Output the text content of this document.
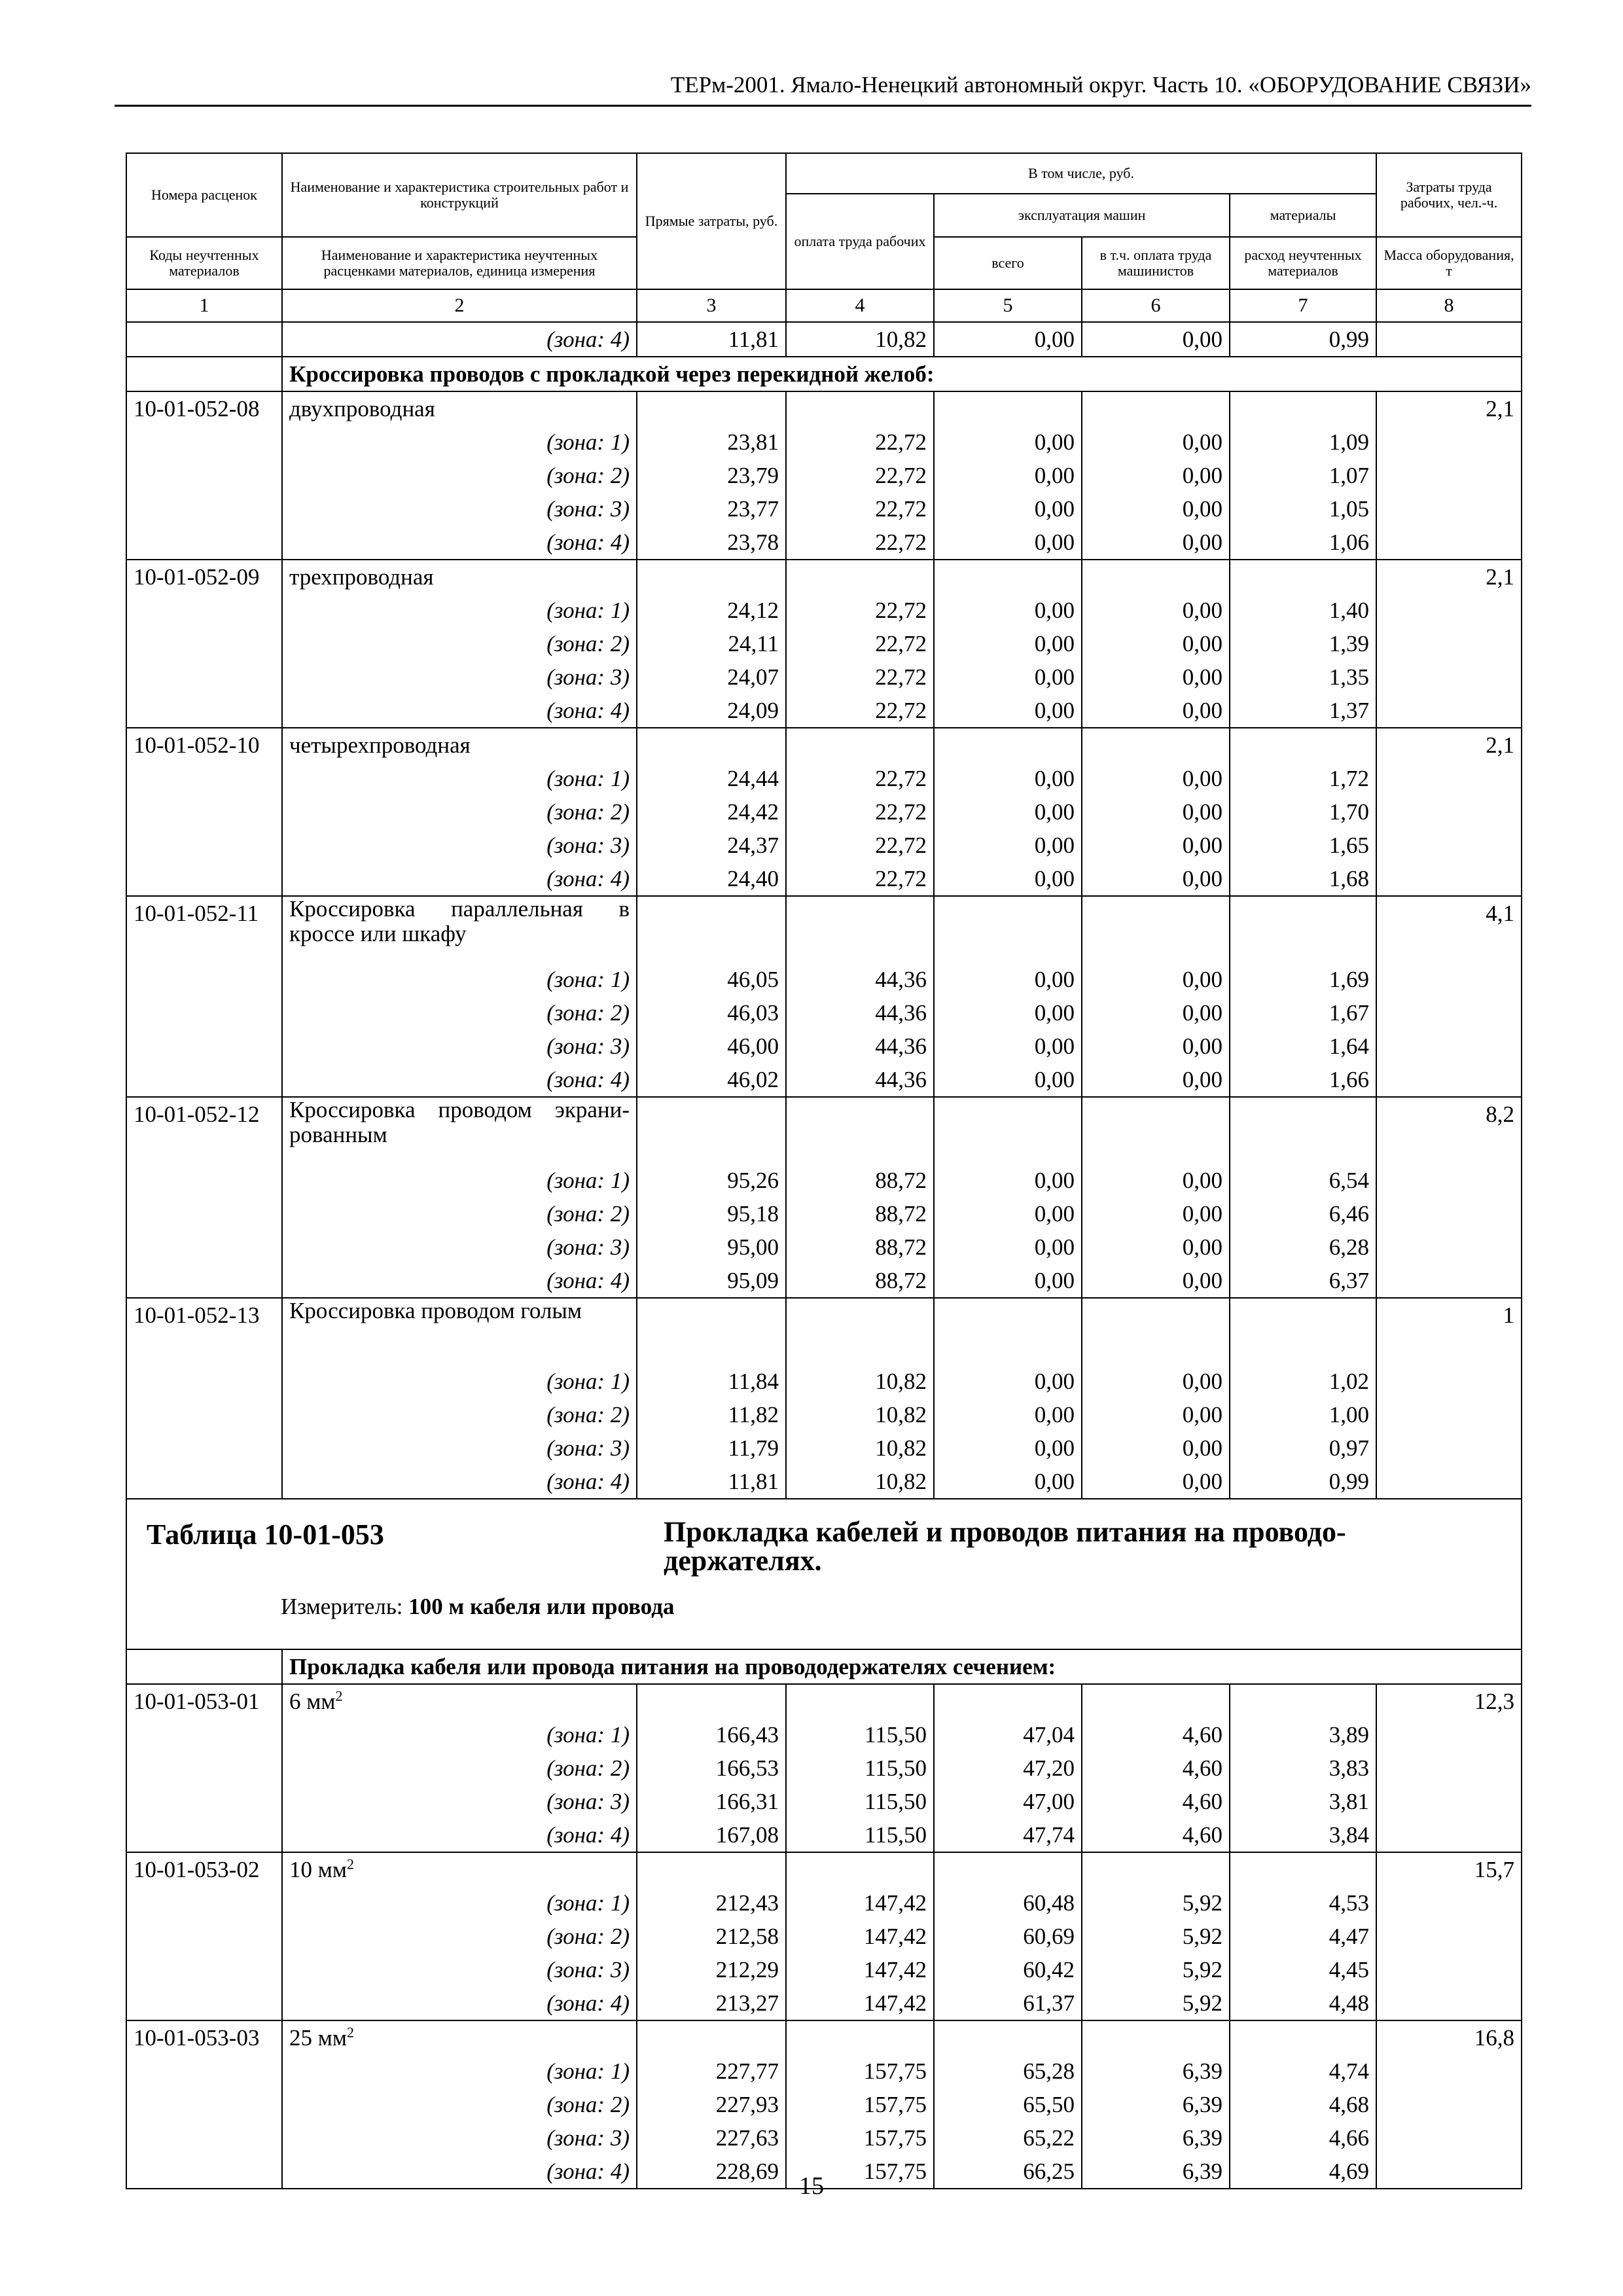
ТЕРм-2001. Ямало-Ненецкий автономный округ. Часть 10. «ОБОРУДОВАНИЕ СВЯЗИ»
Номера расценок	Наименование и характеристика строительных работ и конструкций	Прямые затраты, руб.	В том числе, руб.				Затраты труда рабочих, чел.-ч.
			оплата труда рабочих	эксплуатация машин		материалы	
Коды неучтенных материалов	Наименование и характеристика неучтенных расценками материалов, единица измерения			всего	в т.ч. оплата труда машинистов	расход неучтенных материалов	Масса оборудования, т
1	2	3	4	5	6	7	8
	(зона: 4)	11,81	10,82	0,00	0,00	0,99	
	Кроссировка проводов с прокладкой через перекидной желоб:						
10-01-052-08	двухпроводная						2,1
	(зона: 1)	23,81	22,72	0,00	0,00	1,09	
	(зона: 2)	23,79	22,72	0,00	0,00	1,07	
	(зона: 3)	23,77	22,72	0,00	0,00	1,05	
	(зона: 4)	23,78	22,72	0,00	0,00	1,06	
10-01-052-09	трехпроводная						2,1
	(зона: 1)	24,12	22,72	0,00	0,00	1,40	
	(зона: 2)	24,11	22,72	0,00	0,00	1,39	
	(зона: 3)	24,07	22,72	0,00	0,00	1,35	
	(зона: 4)	24,09	22,72	0,00	0,00	1,37	
10-01-052-10	четырехпроводная						2,1
	(зона: 1)	24,44	22,72	0,00	0,00	1,72	
	(зона: 2)	24,42	22,72	0,00	0,00	1,70	
	(зона: 3)	24,37	22,72	0,00	0,00	1,65	
	(зона: 4)	24,40	22,72	0,00	0,00	1,68	
10-01-052-11	Кроссировка параллельная в кроссе или шкафу						4,1
	(зона: 1)	46,05	44,36	0,00	0,00	1,69	
	(зона: 2)	46,03	44,36	0,00	0,00	1,67	
	(зона: 3)	46,00	44,36	0,00	0,00	1,64	
	(зона: 4)	46,02	44,36	0,00	0,00	1,66	
10-01-052-12	Кроссировка проводом экрани-рованным						8,2
	(зона: 1)	95,26	88,72	0,00	0,00	6,54	
	(зона: 2)	95,18	88,72	0,00	0,00	6,46	
	(зона: 3)	95,00	88,72	0,00	0,00	6,28	
	(зона: 4)	95,09	88,72	0,00	0,00	6,37	
10-01-052-13	Кроссировка проводом голым						1
	(зона: 1)	11,84	10,82	0,00	0,00	1,02	
	(зона: 2)	11,82	10,82	0,00	0,00	1,00	
	(зона: 3)	11,79	10,82	0,00	0,00	0,97	
	(зона: 4)	11,81	10,82	0,00	0,00	0,99	
Таблица 10-01-053 Прокладка кабелей и проводов питания на проводо-держателях.
Измеритель: 100 м кабеля или провода							

	Прокладка кабеля или провода питания на провододержателях сечением:						
10-01-053-01	6 $мм^2$						12,3
	(зона: 1)	166,43	115,50	47,04	4,60	3,89	
	(зона: 2)	166,53	115,50	47,20	4,60	3,83	
	(зона: 3)	166,31	115,50	47,00	4,60	3,81	
	(зона: 4)	167,08	115,50	47,74	4,60	3,84	
10-01-053-02	10 $мм^2$						15,7
	(зона: 1)	212,43	147,42	60,48	5,92	4,53	
	(зона: 2)	212,58	147,42	60,69	5,92	4,47	
	(зона: 3)	212,29	147,42	60,42	5,92	4,45	
	(зона: 4)	213,27	147,42	61,37	5,92	4,48	
10-01-053-03	25 $мм^2$						16,8
	(зона: 1)	227,77	157,75	65,28	6,39	4,74	
	(зона: 2)	227,93	157,75	65,50	6,39	4,68	
	(зона: 3)	227,63	157,75	65,22	6,39	4,66	
	(зона: 4)	228,69	157,75	66,25	6,39	4,69	
15
